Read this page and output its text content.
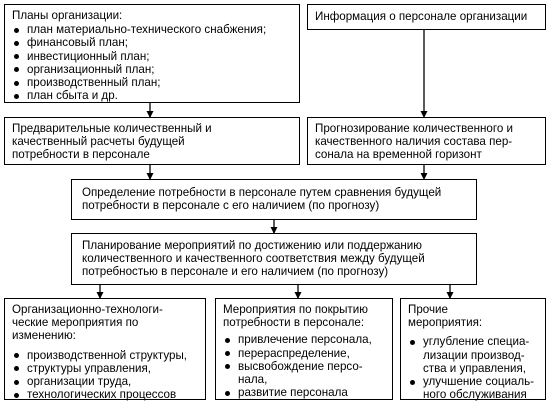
Планы организации:
план материально-технического снабжения;
финансовый план;
инвестиционный план;
организационный план;
производственный план;
план сбыта и др.
Информация о персонале организации
Предварительные количественный и
качественный расчеты будущей
потребности в персонале
Прогнозирование количественного и
качественного наличия состава пер-
сонала на временной горизонт
Определение потребности в персонале путем сравнения будущей
потребности в персонале с его наличием (по прогнозу)
Планирование мероприятий по достижению или поддержанию
количественного и качественного соответствия между будущей
потребностью в персонале и его наличием (по прогнозу)
Организационно-технологи-
ческие мероприятия по
изменению:
производственной структуры,
структуры управления,
организации труда,
технологических процессов
Мероприятия по покрытию
потребности в персонале:
привлечение персонала,
перераспределение,
высвобождение персо-
нала,
развитие персонала
Прочие
мероприятия:
углубление специа-
лизации производ-
ства и управления,
улучшение социаль-
ного обслуживания
